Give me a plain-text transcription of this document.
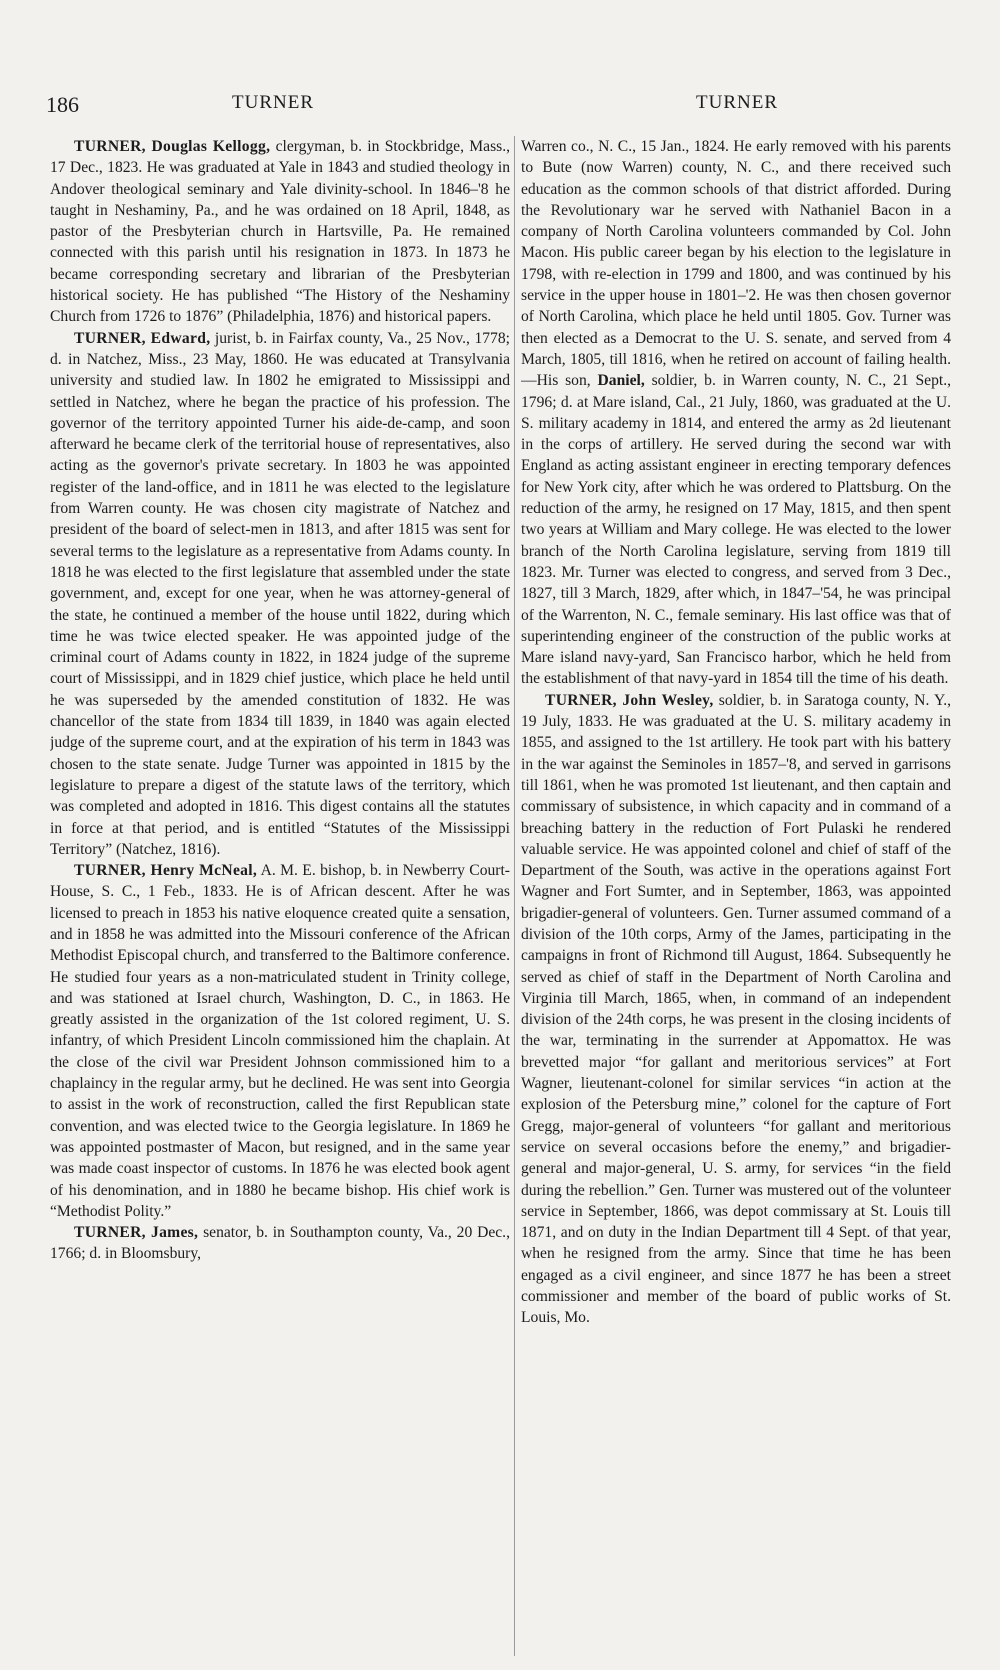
186	TURNER	TURNER

TURNER, Douglas Kellogg, clergyman, b. in Stockbridge, Mass., 17 Dec., 1823. He was graduated at Yale in 1843 and studied theology in Andover theological seminary and Yale divinity-school. In 1846–'8 he taught in Neshaminy, Pa., and he was ordained on 18 April, 1848, as pastor of the Presbyterian church in Hartsville, Pa. He remained connected with this parish until his resignation in 1873. In 1873 he became corresponding secretary and librarian of the Presbyterian historical society. He has published “The History of the Neshaminy Church from 1726 to 1876” (Philadelphia, 1876) and historical papers.

TURNER, Edward, jurist, b. in Fairfax county, Va., 25 Nov., 1778; d. in Natchez, Miss., 23 May, 1860. He was educated at Transylvania university and studied law. In 1802 he emigrated to Mississippi and settled in Natchez, where he began the practice of his profession. The governor of the territory appointed Turner his aide-de-camp, and soon afterward he became clerk of the territorial house of representatives, also acting as the governor's private secretary. In 1803 he was appointed register of the land-office, and in 1811 he was elected to the legislature from Warren county. He was chosen city magistrate of Natchez and president of the board of select-men in 1813, and after 1815 was sent for several terms to the legislature as a representative from Adams county. In 1818 he was elected to the first legislature that assembled under the state government, and, except for one year, when he was attorney-general of the state, he continued a member of the house until 1822, during which time he was twice elected speaker. He was appointed judge of the criminal court of Adams county in 1822, in 1824 judge of the supreme court of Mississippi, and in 1829 chief justice, which place he held until he was superseded by the amended constitution of 1832. He was chancellor of the state from 1834 till 1839, in 1840 was again elected judge of the supreme court, and at the expiration of his term in 1843 was chosen to the state senate. Judge Turner was appointed in 1815 by the legislature to prepare a digest of the statute laws of the territory, which was completed and adopted in 1816. This digest contains all the statutes in force at that period, and is entitled “Statutes of the Mississippi Territory” (Natchez, 1816).

TURNER, Henry McNeal, A. M. E. bishop, b. in Newberry Court-House, S. C., 1 Feb., 1833. He is of African descent. After he was licensed to preach in 1853 his native eloquence created quite a sensation, and in 1858 he was admitted into the Missouri conference of the African Methodist Episcopal church, and transferred to the Baltimore conference. He studied four years as a non-matriculated student in Trinity college, and was stationed at Israel church, Washington, D. C., in 1863. He greatly assisted in the organization of the 1st colored regiment, U. S. infantry, of which President Lincoln commissioned him the chaplain. At the close of the civil war President Johnson commissioned him to a chaplaincy in the regular army, but he declined. He was sent into Georgia to assist in the work of reconstruction, called the first Republican state convention, and was elected twice to the Georgia legislature. In 1869 he was appointed postmaster of Macon, but resigned, and in the same year was made coast inspector of customs. In 1876 he was elected book agent of his denomination, and in 1880 he became bishop. His chief work is “Methodist Polity.”

TURNER, James, senator, b. in Southampton county, Va., 20 Dec., 1766; d. in Bloomsbury,

Warren co., N. C., 15 Jan., 1824. He early removed with his parents to Bute (now Warren) county, N. C., and there received such education as the common schools of that district afforded. During the Revolutionary war he served with Nathaniel Bacon in a company of North Carolina volunteers commanded by Col. John Macon. His public career began by his election to the legislature in 1798, with re-election in 1799 and 1800, and was continued by his service in the upper house in 1801–'2. He was then chosen governor of North Carolina, which place he held until 1805. Gov. Turner was then elected as a Democrat to the U. S. senate, and served from 4 March, 1805, till 1816, when he retired on account of failing health. —His son, Daniel, soldier, b. in Warren county, N. C., 21 Sept., 1796; d. at Mare island, Cal., 21 July, 1860, was graduated at the U. S. military academy in 1814, and entered the army as 2d lieutenant in the corps of artillery. He served during the second war with England as acting assistant engineer in erecting temporary defences for New York city, after which he was ordered to Plattsburg. On the reduction of the army, he resigned on 17 May, 1815, and then spent two years at William and Mary college. He was elected to the lower branch of the North Carolina legislature, serving from 1819 till 1823. Mr. Turner was elected to congress, and served from 3 Dec., 1827, till 3 March, 1829, after which, in 1847–'54, he was principal of the Warrenton, N. C., female seminary. His last office was that of superintending engineer of the construction of the public works at Mare island navy-yard, San Francisco harbor, which he held from the establishment of that navy-yard in 1854 till the time of his death.

TURNER, John Wesley, soldier, b. in Saratoga county, N. Y., 19 July, 1833. He was graduated at the U. S. military academy in 1855, and assigned to the 1st artillery. He took part with his battery in the war against the Seminoles in 1857–'8, and served in garrisons till 1861, when he was promoted 1st lieutenant, and then captain and commissary of subsistence, in which capacity and in command of a breaching battery in the reduction of Fort Pulaski he rendered valuable service. He was appointed colonel and chief of staff of the Department of the South, was active in the operations against Fort Wagner and Fort Sumter, and in September, 1863, was appointed brigadier-general of volunteers. Gen. Turner assumed command of a division of the 10th corps, Army of the James, participating in the campaigns in front of Richmond till August, 1864. Subsequently he served as chief of staff in the Department of North Carolina and Virginia till March, 1865, when, in command of an independent division of the 24th corps, he was present in the closing incidents of the war, terminating in the surrender at Appomattox. He was brevetted major “for gallant and meritorious services” at Fort Wagner, lieutenant-colonel for similar services “in action at the explosion of the Petersburg mine,” colonel for the capture of Fort Gregg, major-general of volunteers “for gallant and meritorious service on several occasions before the enemy,” and brigadier-general and major-general, U. S. army, for services “in the field during the rebellion.” Gen. Turner was mustered out of the volunteer service in September, 1866, was depot commissary at St. Louis till 1871, and on duty in the Indian Department till 4 Sept. of that year, when he resigned from the army. Since that time he has been engaged as a civil engineer, and since 1877 he has been a street commissioner and member of the board of public works of St. Louis, Mo.
